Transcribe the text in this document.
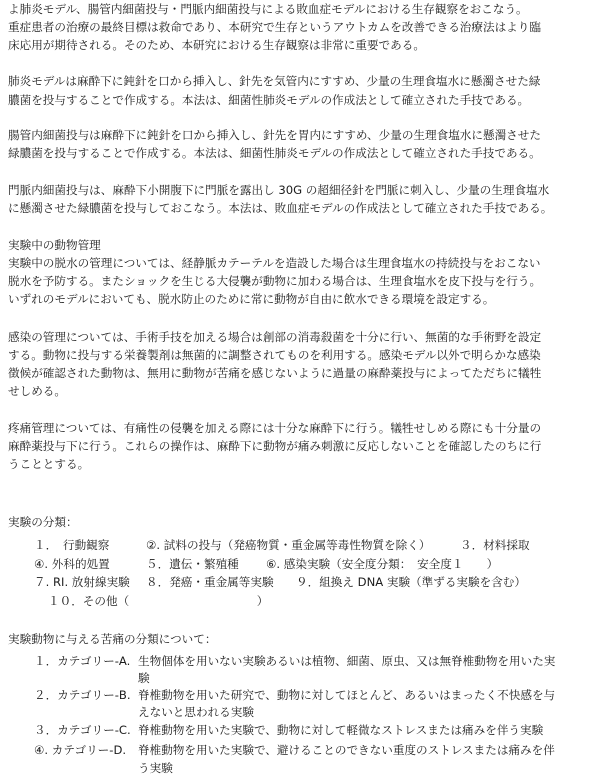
よ肺炎モデル、腸管内細菌投与・門脈内細菌投与による敗血症モデルにおける生存観察をおこなう。
重症患者の治療の最終目標は救命であり、本研究で生存というアウトカムを改善できる治療法はより臨
床応用が期待される。そのため、本研究における生存観察は非常に重要である。
肺炎モデルは麻酔下に鈍針を口から挿入し、針先を気管内にすすめ、少量の生理食塩水に懸濁させた緑
膿菌を投与することで作成する。本法は、細菌性肺炎モデルの作成法として確立された手技である。
腸管内細菌投与は麻酔下に鈍針を口から挿入し、針先を胃内にすすめ、少量の生理食塩水に懸濁させた
緑膿菌を投与することで作成する。本法は、細菌性肺炎モデルの作成法として確立された手技である。
門脈内細菌投与は、麻酔下小開腹下に門脈を露出し 30G の超細径針を門脈に刺入し、少量の生理食塩水
に懸濁させた緑膿菌を投与しておこなう。本法は、敗血症モデルの作成法として確立された手技である。
実験中の動物管理
実験中の脱水の管理については、経静脈カテーテルを造設した場合は生理食塩水の持続投与をおこない
脱水を予防する。またショックを生じる大侵襲が動物に加わる場合は、生理食塩水を皮下投与を行う。
いずれのモデルにおいても、脱水防止のために常に動物が自由に飲水できる環境を設定する。
感染の管理については、手術手技を加える場合は創部の消毒殺菌を十分に行い、無菌的な手術野を設定
する。動物に投与する栄養製剤は無菌的に調整されてものを利用する。感染モデル以外で明らかな感染
徴候が確認された動物は、無用に動物が苦痛を感じないように過量の麻酔薬投与によってただちに犠牲
せしめる。
疼痛管理については、有痛性の侵襲を加える際には十分な麻酔下に行う。犠牲せしめる際にも十分量の
麻酔薬投与下に行う。これらの操作は、麻酔下に動物が痛み刺激に反応しないことを確認したのちに行
うこととする。
実験の分類：
１．　行動観察	②. 試料の投与（発癌物質・重金属等毒性物質を除く）	３．材料採取
④. 外科的処置	５．遺伝・繁殖種 ⑥. 感染実験（安全度分類：　安全度１　　）
７. RI. 放射線実験 ８．発癌・重金属等実験 ９．組換え DNA 実験（準ずる実験を含む）
１０．その他（　　　　　　　　　　　）
実験動物に与える苦痛の分類について：
１．カテゴリー-A. 生物個体を用いない実験あるいは植物、細菌、原虫、又は無脊椎動物を用いた実
験
２．カテゴリー-B. 脊椎動物を用いた研究で、動物に対してほとんど、あるいはまったく不快感を与
えないと思われる実験
３．カテゴリー-C. 脊椎動物を用いた実験で、動物に対して軽微なストレスまたは痛みを伴う実験
④. カテゴリー-D. 脊椎動物を用いた実験で、避けることのできない重度のストレスまたは痛みを伴
う実験
